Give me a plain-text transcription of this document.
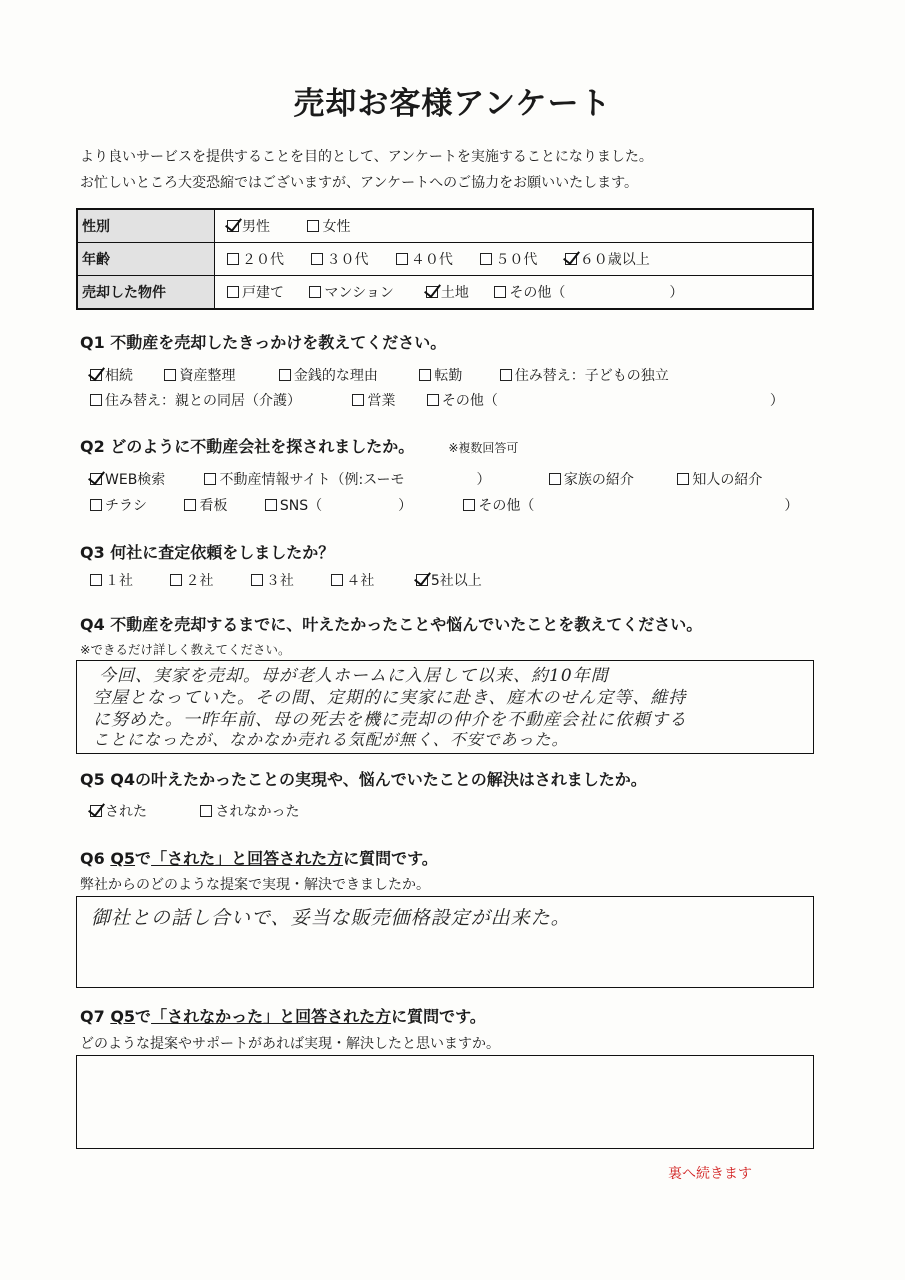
売却お客様アンケート
より良いサービスを提供することを目的として、アンケートを実施することになりました。
お忙しいところ大変恐縮ではございますが、アンケートへのご協力をお願いいたします。
性別	男性 女性
年齢	２０代 ３０代 ４０代 ５０代 ６０歳以上
売却した物件	戸建て マンション 土地 その他（ ）
Q1 不動産を売却したきっかけを教えてください。
相続	資産整理	金銭的な理由	転勤	住み替え：子どもの独立
住み替え：親との同居（介護）	営業	その他（	）
Q2 どのように不動産会社を探されましたか。	※複数回答可
WEB検索	不動産情報サイト（例:スーモ	）	家族の紹介	知人の紹介
チラシ	看板	SNS（	）	その他（	）
Q3 何社に査定依頼をしましたか？
１社	２社	３社	４社	5社以上
Q4 不動産を売却するまでに、叶えたかったことや悩んでいたことを教えてください。
※できるだけ詳しく教えてください。
今回、実家を売却。母が老人ホームに入居して以来、約10年間
空屋となっていた。その間、定期的に実家に赴き、庭木のせん定等、維持
に努めた。一昨年前、母の死去を機に売却の仲介を不動産会社に依頼する
ことになったが、なかなか売れる気配が無く、不安であった。
Q5 Q4の叶えたかったことの実現や、悩んでいたことの解決はされましたか。
された	されなかった
Q6 Q5で「された」と回答された方に質問です。
弊社からのどのような提案で実現・解決できましたか。
御社との話し合いで、妥当な販売価格設定が出来た。
Q7 Q5で「されなかった」と回答された方に質問です。
どのような提案やサポートがあれば実現・解決したと思いますか。
裏へ続きます
